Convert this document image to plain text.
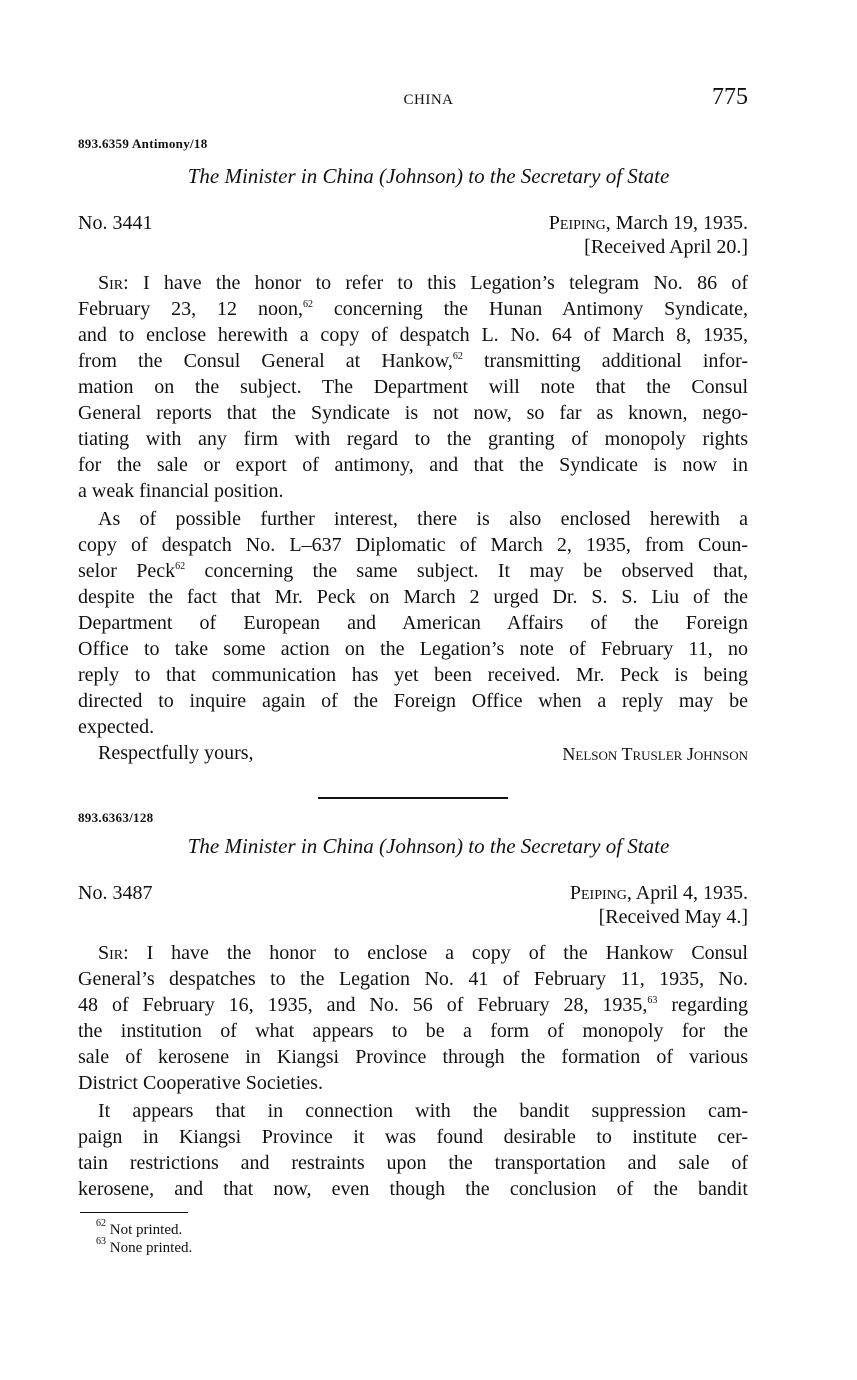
CHINA	775
893.6359 Antimony/18
The Minister in China (Johnson) to the Secretary of State
No. 3441	Peiping, March 19, 1935.
[Received April 20.]
Sir: I have the honor to refer to this Legation’s telegram No. 86 of
February 23, 12 noon,$^{62}$ concerning the Hunan Antimony Syndicate,
and to enclose herewith a copy of despatch L. No. 64 of March 8, 1935,
from the Consul General at Hankow,$^{62}$ transmitting additional infor-
mation on the subject. The Department will note that the Consul
General reports that the Syndicate is not now, so far as known, nego-
tiating with any firm with regard to the granting of monopoly rights
for the sale or export of antimony, and that the Syndicate is now in
a weak financial position.
As of possible further interest, there is also enclosed herewith a
copy of despatch No. L–637 Diplomatic of March 2, 1935, from Coun-
selor Peck$^{62}$ concerning the same subject. It may be observed that,
despite the fact that Mr. Peck on March 2 urged Dr. S. S. Liu of the
Department of European and American Affairs of the Foreign
Office to take some action on the Legation’s note of February 11, no
reply to that communication has yet been received. Mr. Peck is being
directed to inquire again of the Foreign Office when a reply may be
expected.
Respectfully yours,	Nelson Trusler Johnson
893.6363/128
The Minister in China (Johnson) to the Secretary of State
No. 3487	Peiping, April 4, 1935.
[Received May 4.]
Sir: I have the honor to enclose a copy of the Hankow Consul
General’s despatches to the Legation No. 41 of February 11, 1935, No.
48 of February 16, 1935, and No. 56 of February 28, 1935,63 regarding
the institution of what appears to be a form of monopoly for the
sale of kerosene in Kiangsi Province through the formation of various
District Cooperative Societies.
It appears that in connection with the bandit suppression cam-
paign in Kiangsi Province it was found desirable to institute cer-
tain restrictions and restraints upon the transportation and sale of
kerosene, and that now, even though the conclusion of the bandit
$^{62}$ Not printed.
$^{63}$ None printed.
